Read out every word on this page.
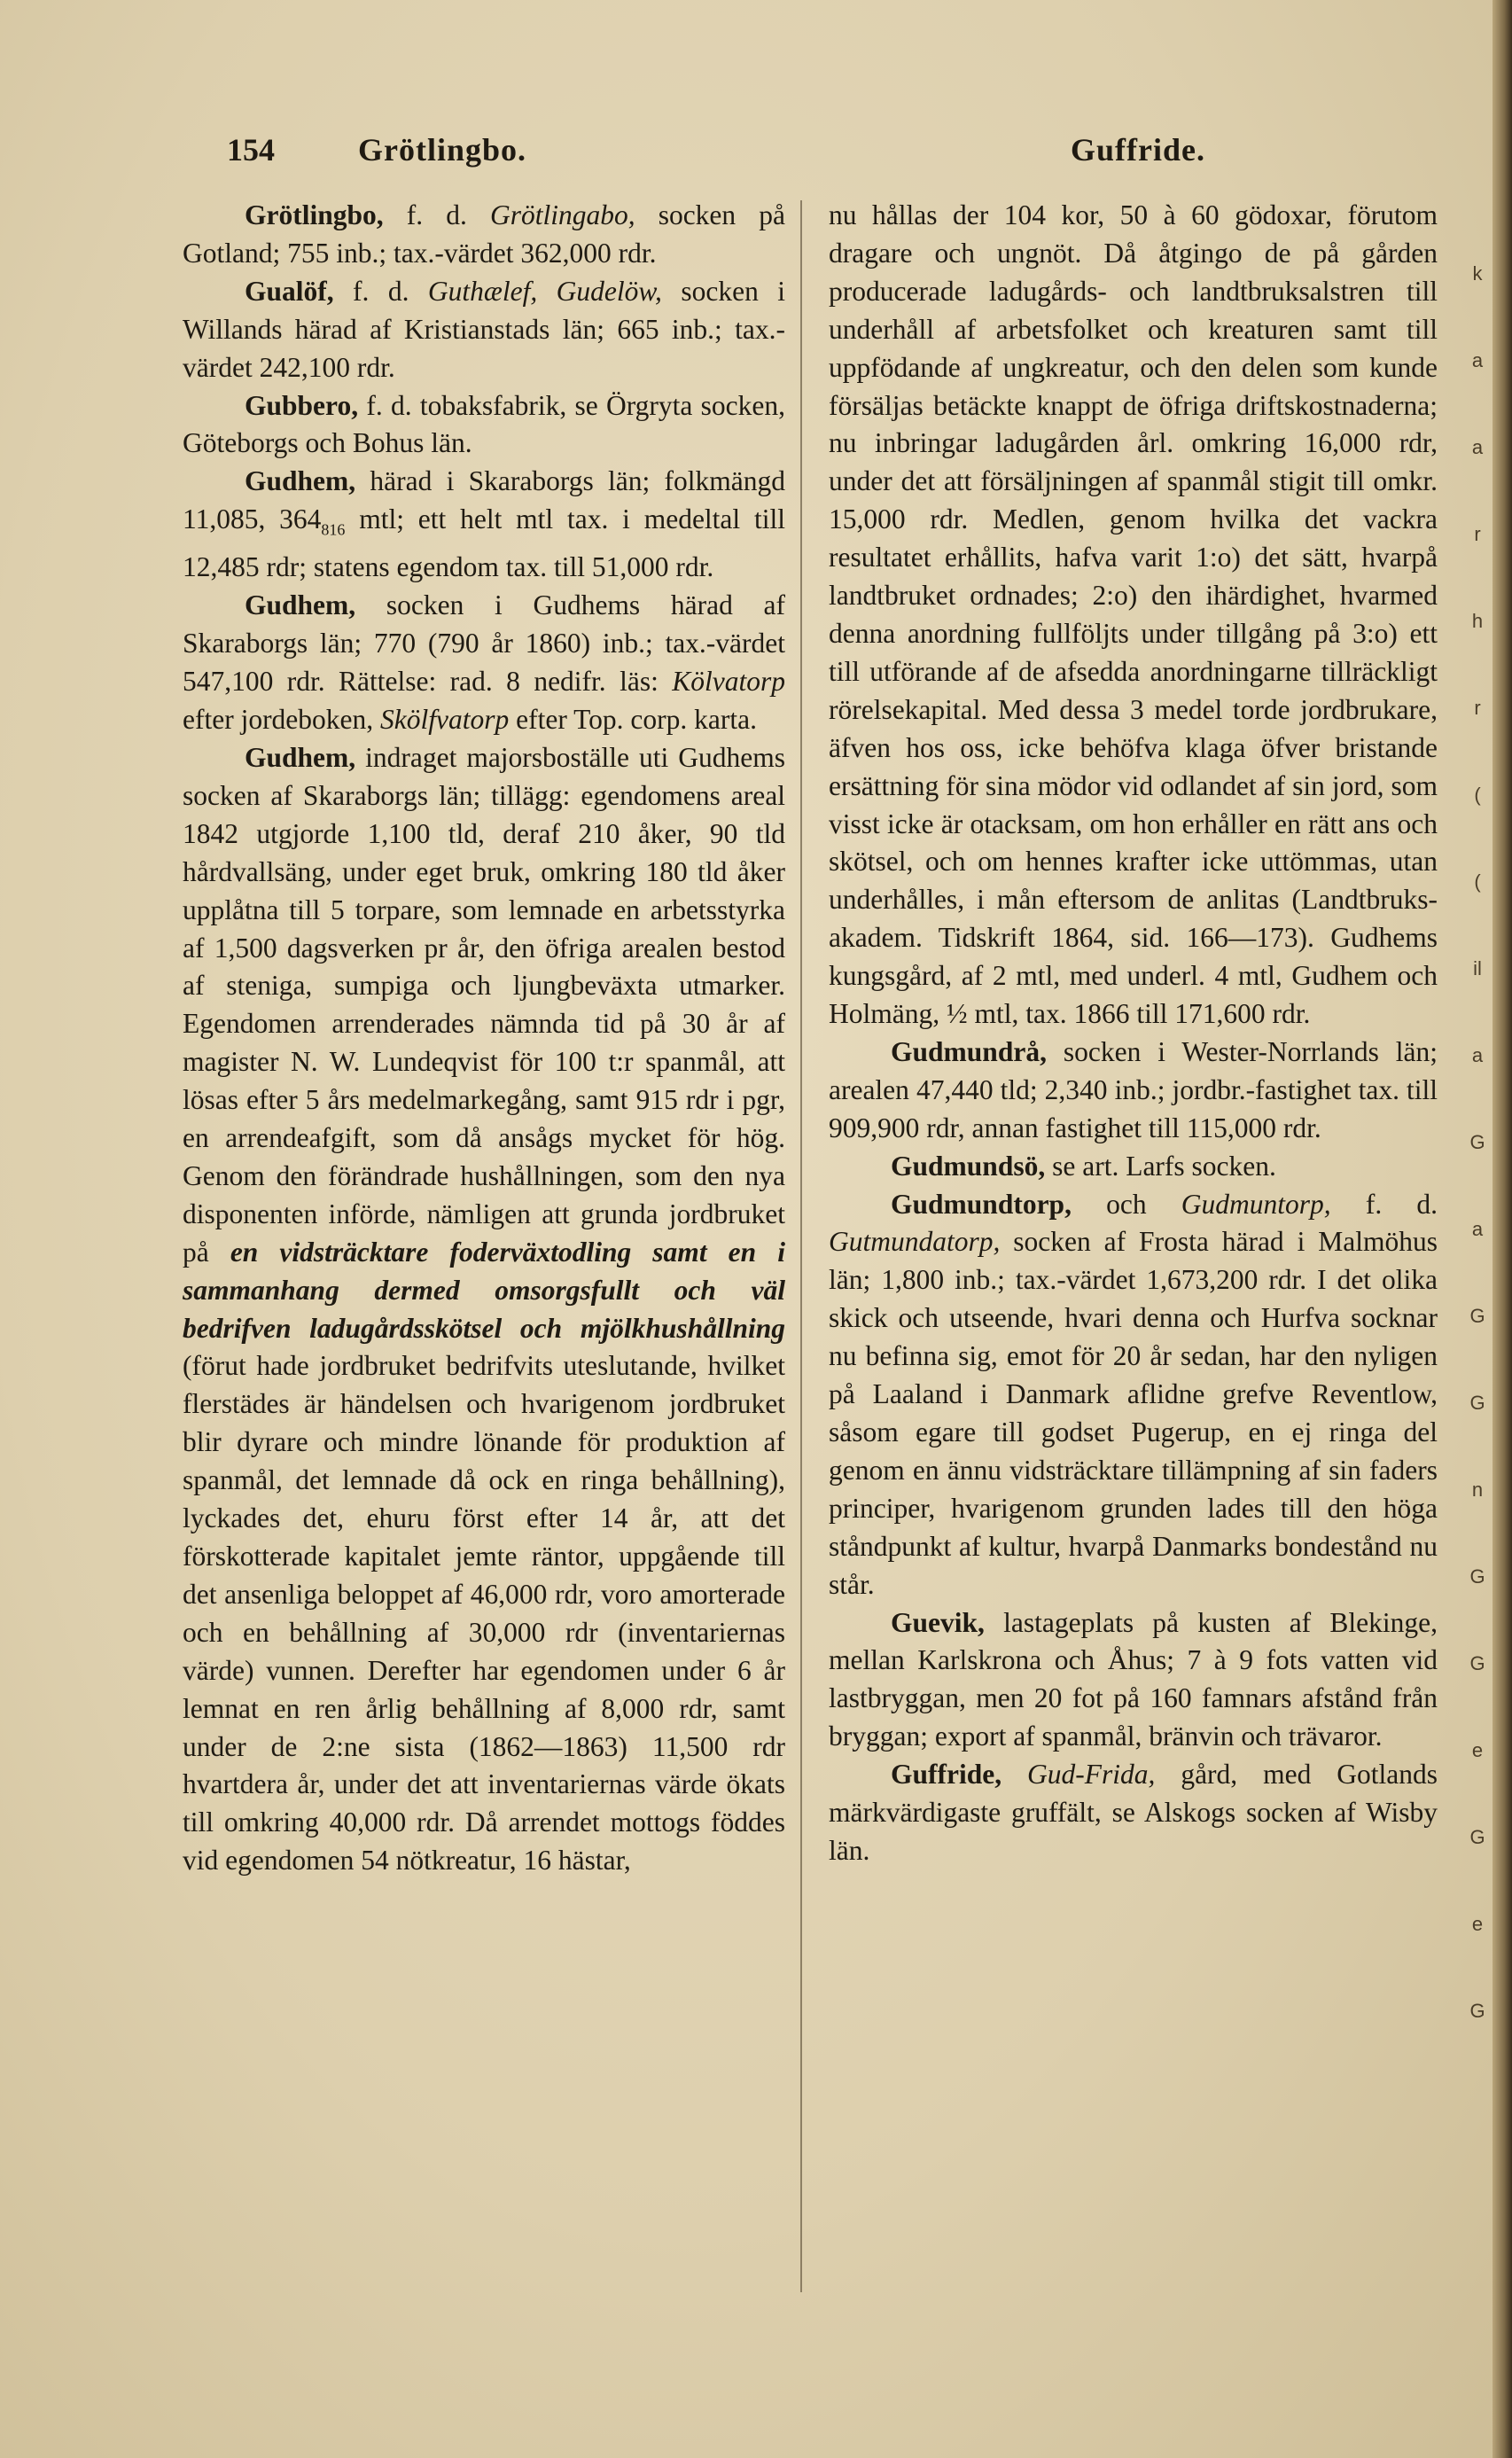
154	Grötlingbo.	Guffride.

Grötlingbo, f. d. Grötlingabo, socken på Gotland; 755 inb.; tax.-värdet 362,000 rdr.

Gualöf, f. d. Guthælef, Gudelöw, socken i Willands härad af Kristianstads län; 665 inb.; tax.-värdet 242,100 rdr.

Gubbero, f. d. tobaksfabrik, se Örgryta socken, Göteborgs och Bohus län.

Gudhem, härad i Skaraborgs län; folkmängd 11,085, $364_{816}$ mtl; ett helt mtl tax. i medeltal till 12,485 rdr; statens egendom tax. till 51,000 rdr.

Gudhem, socken i Gudhems härad af Skaraborgs län; 770 (790 år 1860) inb.; tax.-värdet 547,100 rdr. Rättelse: rad. 8 nedifr. läs: Kölvatorp efter jordeboken, Skölfvatorp efter Top. corp. karta.

Gudhem, indraget majorsboställe uti Gudhems socken af Skaraborgs län; tillägg: egendomens areal 1842 utgjorde 1,100 tld, deraf 210 åker, 90 tld hårdvallsäng, under eget bruk, omkring 180 tld åker upplåtna till 5 torpare, som lemnade en arbetsstyrka af 1,500 dagsverken pr år, den öfriga arealen bestod af steniga, sumpiga och ljungbeväxta utmarker. Egendomen arrenderades nämnda tid på 30 år af magister N. W. Lundeqvist för 100 t:r spanmål, att lösas efter 5 års medelmarkegång, samt 915 rdr i pgr, en arrendeafgift, som då ansågs mycket för hög. Genom den förändrade hushållningen, som den nya disponenten införde, nämligen att grunda jordbruket på en vidsträcktare foderväxtodling samt en i sammanhang dermed omsorgsfullt och väl bedrifven ladugårdsskötsel och mjölkhushållning (förut hade jordbruket bedrifvits uteslutande, hvilket flerstädes är händelsen och hvarigenom jordbruket blir dyrare och mindre lönande för produktion af spanmål, det lemnade då ock en ringa behållning), lyckades det, ehuru först efter 14 år, att det förskotterade kapitalet jemte räntor, uppgående till det ansenliga beloppet af 46,000 rdr, voro amorterade och en behållning af 30,000 rdr (inventariernas värde) vunnen. Derefter har egendomen under 6 år lemnat en ren årlig behållning af 8,000 rdr, samt under de 2:ne sista (1862—1863) 11,500 rdr hvartdera år, under det att inventariernas värde ökats till omkring 40,000 rdr. Då arrendet mottogs föddes vid egendomen 54 nötkreatur, 16 hästar,

nu hållas der 104 kor, 50 à 60 gödoxar, förutom dragare och ungnöt. Då åtgingo de på gården producerade ladugårds- och landtbruksalstren till underhåll af arbetsfolket och kreaturen samt till uppfödande af ungkreatur, och den delen som kunde försäljas betäckte knappt de öfriga driftskostnaderna; nu inbringar ladugården årl. omkring 16,000 rdr, under det att försäljningen af spanmål stigit till omkr. 15,000 rdr. Medlen, genom hvilka det vackra resultatet erhållits, hafva varit 1:o) det sätt, hvarpå landtbruket ordnades; 2:o) den ihärdighet, hvarmed denna anordning fullföljts under tillgång på 3:o) ett till utförande af de afsedda anordningarne tillräckligt rörelsekapital. Med dessa 3 medel torde jordbrukare, äfven hos oss, icke behöfva klaga öfver bristande ersättning för sina mödor vid odlandet af sin jord, som visst icke är otacksam, om hon erhåller en rätt ans och skötsel, och om hennes krafter icke uttömmas, utan underhålles, i mån eftersom de anlitas (Landtbruks-akadem. Tidskrift 1864, sid. 166—173). Gudhems kungsgård, af 2 mtl, med underl. 4 mtl, Gudhem och Holmäng, ½ mtl, tax. 1866 till 171,600 rdr.

Gudmundrå, socken i Wester-Norrlands län; arealen 47,440 tld; 2,340 inb.; jordbr.-fastighet tax. till 909,900 rdr, annan fastighet till 115,000 rdr.

Gudmundsö, se art. Larfs socken.

Gudmundtorp, och Gudmuntorp, f. d. Gutmundatorp, socken af Frosta härad i Malmöhus län; 1,800 inb.; tax.-värdet 1,673,200 rdr. I det olika skick och utseende, hvari denna och Hurfva socknar nu befinna sig, emot för 20 år sedan, har den nyligen på Laaland i Danmark aflidne grefve Reventlow, såsom egare till godset Pugerup, en ej ringa del genom en ännu vidsträcktare tillämpning af sin faders principer, hvarigenom grunden lades till den höga ståndpunkt af kultur, hvarpå Danmarks bondestånd nu står.

Guevik, lastageplats på kusten af Blekinge, mellan Karlskrona och Åhus; 7 à 9 fots vatten vid lastbryggan, men 20 fot på 160 famnars afstånd från bryggan; export af spanmål, bränvin och trävaror.

Guffride, Gud-Frida, gård, med Gotlands märkvärdigaste gruffält, se Alskogs socken af Wisby län.

k
a
a
r
h
r
(
(
il
a
G
a
G
G
n
G
G
e
G
e
G
